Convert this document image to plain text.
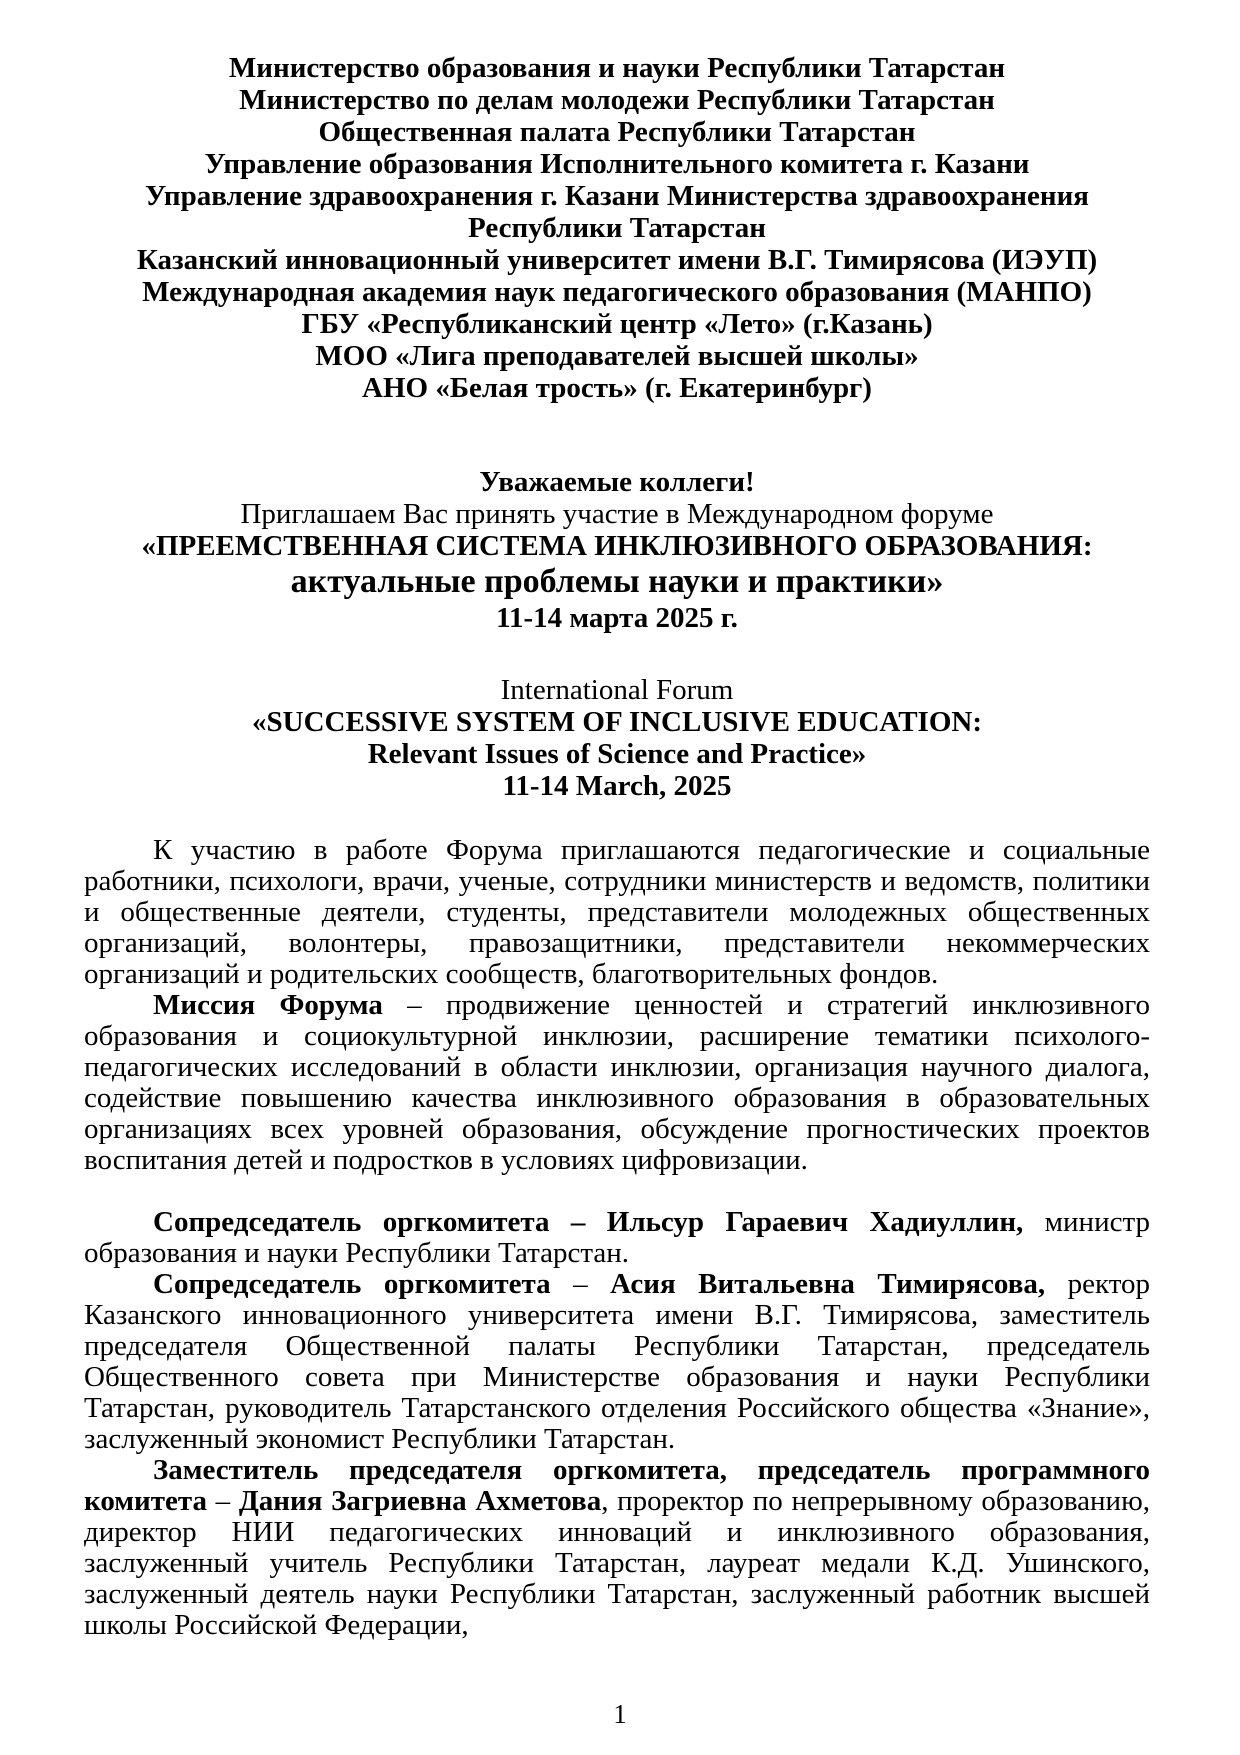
Министерство образования и науки Республики Татарстан
Министерство по делам молодежи Республики Татарстан
Общественная палата Республики Татарстан
Управление образования Исполнительного комитета г. Казани
Управление здравоохранения г. Казани Министерства здравоохранения
Республики Татарстан
Казанский инновационный университет имени В.Г. Тимирясова (ИЭУП)
Международная академия наук педагогического образования (МАНПО)
ГБУ «Республиканский центр «Лето» (г.Казань)
МОО «Лига преподавателей высшей школы»
АНО «Белая трость» (г. Екатеринбург)
Уважаемые коллеги!
Приглашаем Вас принять участие в Международном форуме
«ПРЕЕМСТВЕННАЯ СИСТЕМА ИНКЛЮЗИВНОГО ОБРАЗОВАНИЯ:
актуальные проблемы науки и практики»
11-14 марта 2025 г.
International Forum
«SUCCESSIVE SYSTEM OF INCLUSIVE EDUCATION:
Relevant Issues of Science and Practice»
11-14 March, 2025

К участию в работе Форума приглашаются педагогические и социальные работники, психологи, врачи, ученые, сотрудники министерств и ведомств, политики и общественные деятели, студенты, представители молодежных общественных организаций, волонтеры, правозащитники, представители некоммерческих организаций и родительских сообществ, благотворительных фондов.

Миссия Форума – продвижение ценностей и стратегий инклюзивного образования и социокультурной инклюзии, расширение тематики психолого-педагогических исследований в области инклюзии, организация научного диалога, содействие повышению качества инклюзивного образования в образовательных организациях всех уровней образования, обсуждение прогностических проектов воспитания детей и подростков в условиях цифровизации.

Сопредседатель оргкомитета – Ильсур Гараевич Хадиуллин, министр образования и науки Республики Татарстан.

Сопредседатель оргкомитета – Асия Витальевна Тимирясова, ректор Казанского инновационного университета имени В.Г. Тимирясова, заместитель председателя Общественной палаты Республики Татарстан, председатель Общественного совета при Министерстве образования и науки Республики Татарстан, руководитель Татарстанского отделения Российского общества «Знание», заслуженный экономист Республики Татарстан.

Заместитель председателя оргкомитета, председатель программного комитета – Дания Загриевна Ахметова, проректор по непрерывному образованию, директор НИИ педагогических инноваций и инклюзивного образования, заслуженный учитель Республики Татарстан, лауреат медали К.Д. Ушинского, заслуженный деятель науки Республики Татарстан, заслуженный работник высшей школы Российской Федерации,

1
